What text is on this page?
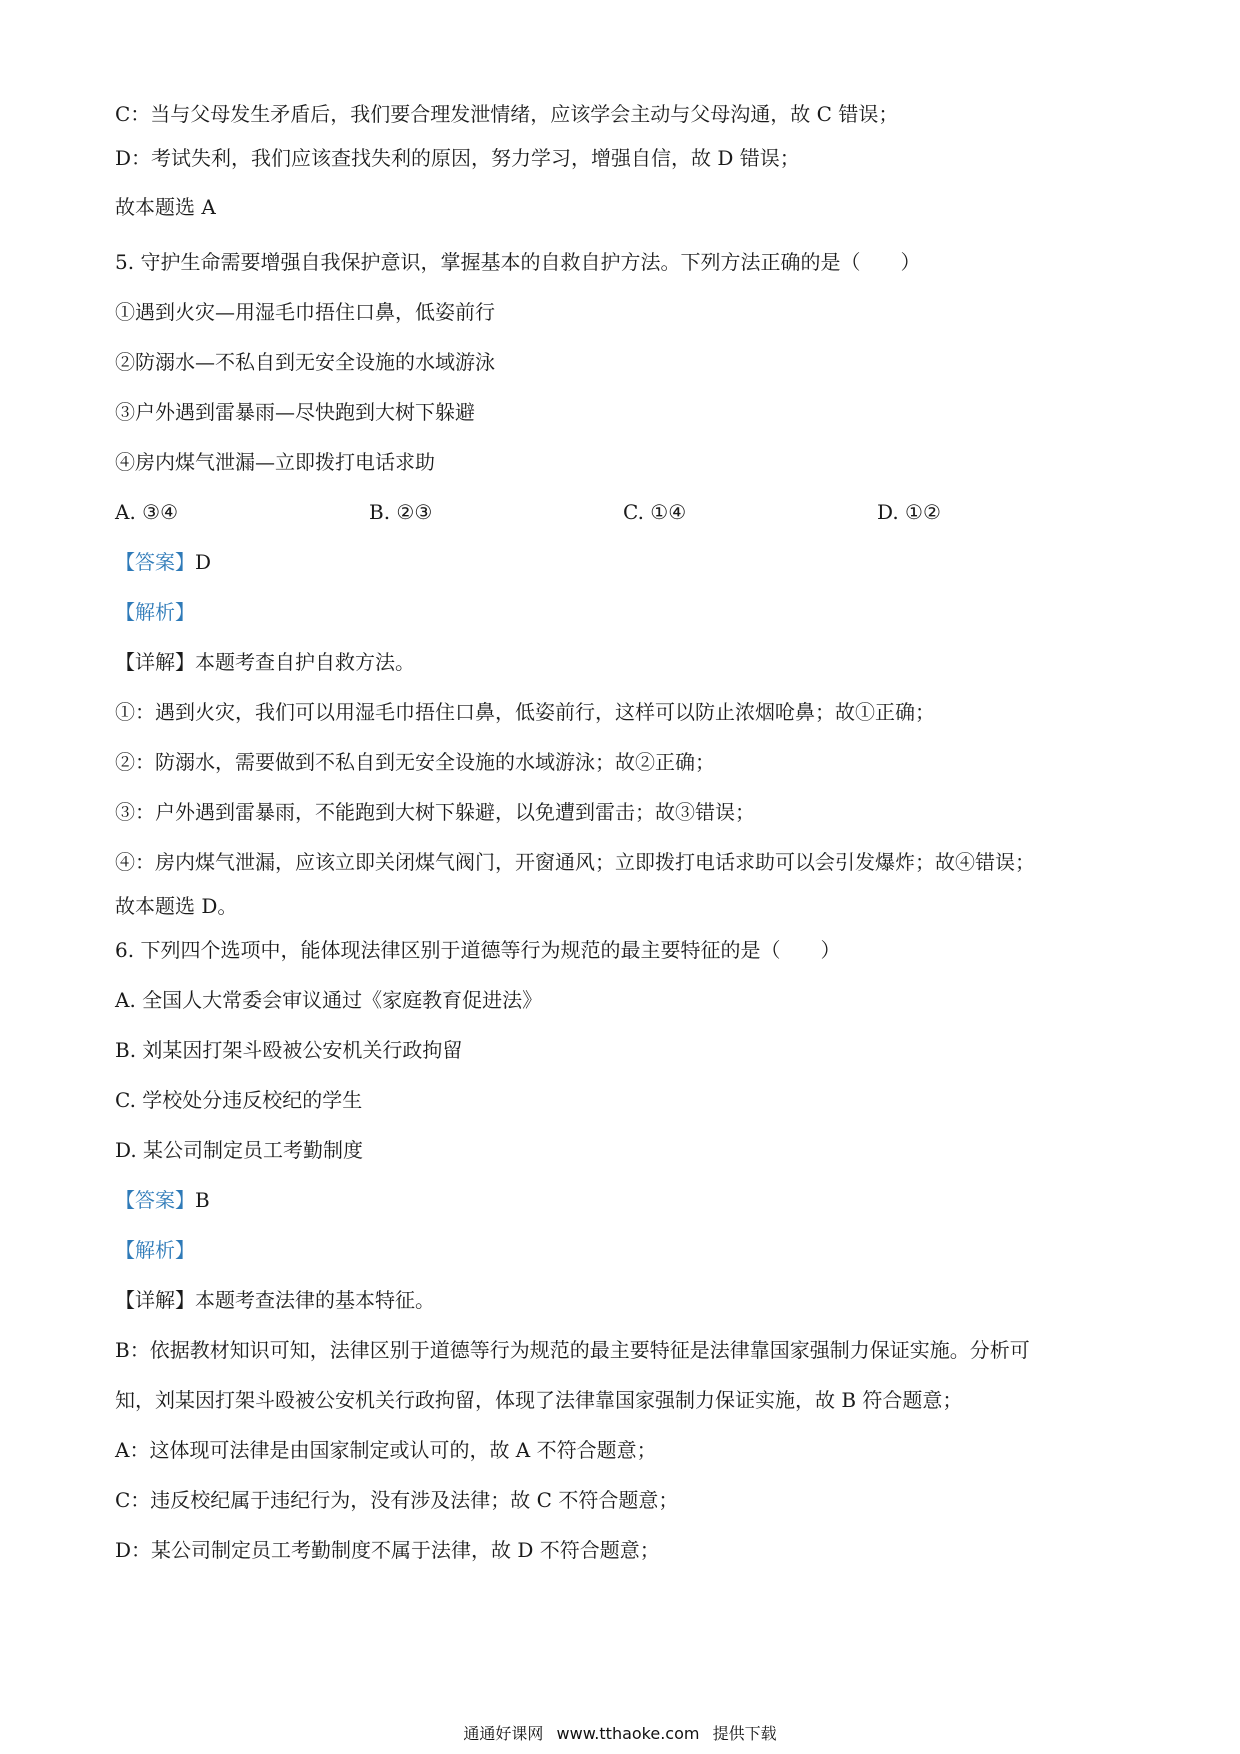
C：当与父母发生矛盾后，我们要合理发泄情绪，应该学会主动与父母沟通，故 C 错误；

D：考试失利，我们应该查找失利的原因，努力学习，增强自信，故 D 错误；

故本题选 A

5. 守护生命需要增强自我保护意识，掌握基本的自救自护方法。下列方法正确的是（　　）

①遇到火灾—用湿毛巾捂住口鼻，低姿前行

②防溺水—不私自到无安全设施的水域游泳

③户外遇到雷暴雨—尽快跑到大树下躲避

④房内煤气泄漏—立即拨打电话求助

A. ③④	B. ②③	C. ①④	D. ①②

【答案】D

【解析】

【详解】本题考查自护自救方法。

①：遇到火灾，我们可以用湿毛巾捂住口鼻，低姿前行，这样可以防止浓烟呛鼻；故①正确；

②：防溺水，需要做到不私自到无安全设施的水域游泳；故②正确；

③：户外遇到雷暴雨，不能跑到大树下躲避，以免遭到雷击；故③错误；

④：房内煤气泄漏，应该立即关闭煤气阀门，开窗通风；立即拨打电话求助可以会引发爆炸；故④错误；

故本题选 D。

6. 下列四个选项中，能体现法律区别于道德等行为规范的最主要特征的是（　　）

A. 全国人大常委会审议通过《家庭教育促进法》

B. 刘某因打架斗殴被公安机关行政拘留

C. 学校处分违反校纪的学生

D. 某公司制定员工考勤制度

【答案】B

【解析】

【详解】本题考查法律的基本特征。

B：依据教材知识可知，法律区别于道德等行为规范的最主要特征是法律靠国家强制力保证实施。分析可

知，刘某因打架斗殴被公安机关行政拘留，体现了法律靠国家强制力保证实施，故 B 符合题意；

A：这体现可法律是由国家制定或认可的，故 A 不符合题意；

C：违反校纪属于违纪行为，没有涉及法律；故 C 不符合题意；

D：某公司制定员工考勤制度不属于法律，故 D 不符合题意；

通通好课网 www.tthaoke.com 提供下载
